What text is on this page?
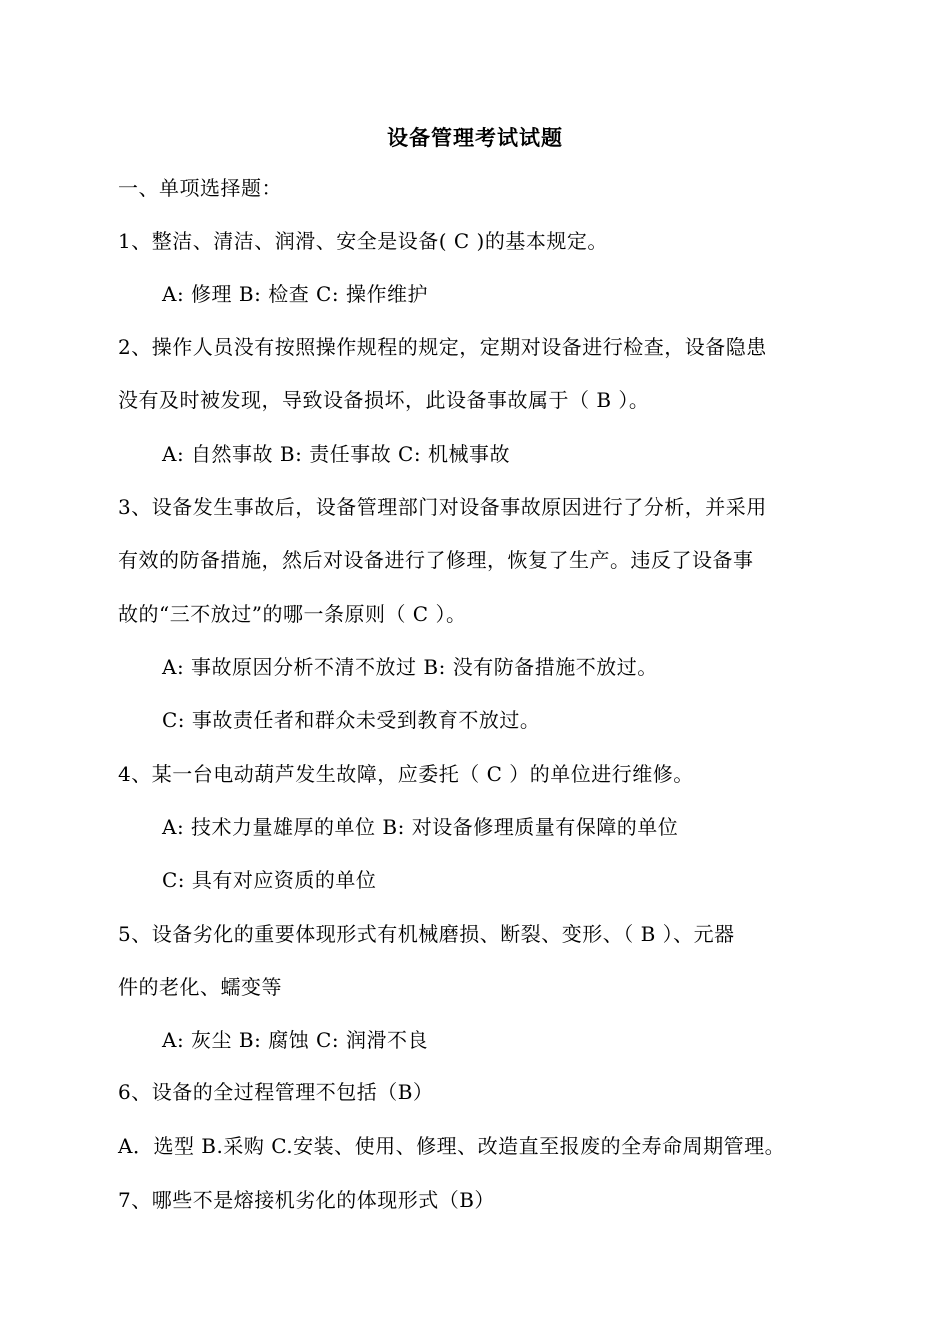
设备管理考试试题
一、单项选择题：
1、整洁、清洁、润滑、安全是设备( C )的基本规定。
A: 修理 B: 检查 C: 操作维护
2、操作人员没有按照操作规程的规定，定期对设备进行检查，设备隐患
没有及时被发现，导致设备损坏，此设备事故属于（ B ）。
A: 自然事故 B: 责任事故 C: 机械事故
3、设备发生事故后，设备管理部门对设备事故原因进行了分析，并采用
有效的防备措施，然后对设备进行了修理，恢复了生产。违反了设备事
故的“三不放过”的哪一条原则（ C ）。
A: 事故原因分析不清不放过 B: 没有防备措施不放过。
C: 事故责任者和群众未受到教育不放过。
4、某一台电动葫芦发生故障，应委托（ C ）的单位进行维修。
A: 技术力量雄厚的单位 B: 对设备修理质量有保障的单位
C: 具有对应资质的单位
5、设备劣化的重要体现形式有机械磨损、断裂、变形、（ B ）、元器
件的老化、蠕变等
A: 灰尘 B: 腐蚀 C: 润滑不良
6、设备的全过程管理不包括（B）
A．选型 B.采购 C.安装、使用、修理、改造直至报废的全寿命周期管理。
7、哪些不是熔接机劣化的体现形式（B）
